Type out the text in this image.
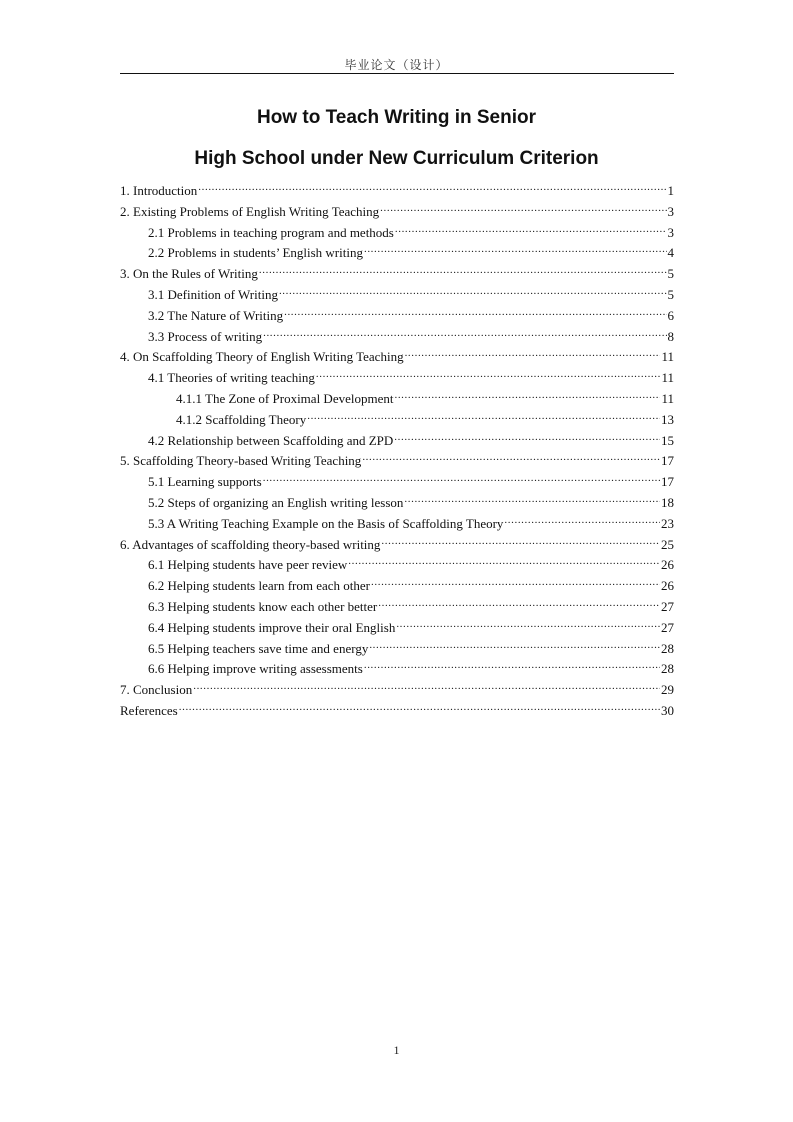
毕业论文（设计）
How to Teach Writing in Senior
High School under New Curriculum Criterion
1. Introduction .....	1
2. Existing Problems of English Writing Teaching .....	3
2.1 Problems in teaching program and methods .....	3
2.2 Problems in students’ English writing .....	4
3. On the Rules of Writing .....	5
3.1 Definition of Writing .....	5
3.2 The Nature of Writing .....	6
3.3 Process of writing .....	8
4. On Scaffolding Theory of English Writing Teaching .....	11
4.1 Theories of writing teaching .....	11
4.1.1 The Zone of Proximal Development .....	11
4.1.2 Scaffolding Theory .....	13
4.2 Relationship between Scaffolding and ZPD .....	15
5. Scaffolding Theory-based Writing Teaching .....	17
5.1 Learning supports .....	17
5.2 Steps of organizing an English writing lesson .....	18
5.3 A Writing Teaching Example on the Basis of Scaffolding Theory .....	23
6. Advantages of scaffolding theory-based writing .....	25
6.1 Helping students have peer review .....	26
6.2 Helping students learn from each other .....	26
6.3 Helping students know each other better .....	27
6.4 Helping students improve their oral English .....	27
6.5 Helping teachers save time and energy .....	28
6.6 Helping improve writing assessments .....	28
7. Conclusion .....	29
References .....	30
1
